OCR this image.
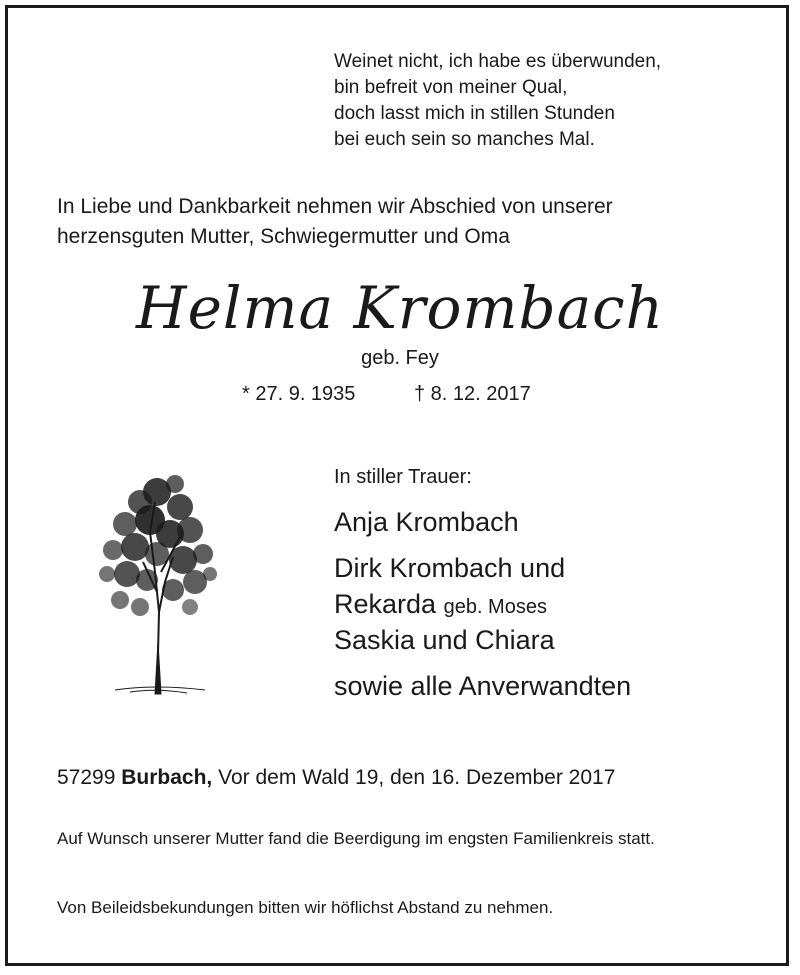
Weinet nicht, ich habe es überwunden,
bin befreit von meiner Qual,
doch lasst mich in stillen Stunden
bei euch sein so manches Mal.
In Liebe und Dankbarkeit nehmen wir Abschied von unserer
herzensguten Mutter, Schwiegermutter und Oma
Helma Krombach
geb. Fey
* 27. 9. 1935	† 8. 12. 2017
In stiller Trauer:
Anja Krombach
Dirk Krombach und
Rekarda geb. Moses
Saskia und Chiara
sowie alle Anverwandten
57299 Burbach, Vor dem Wald 19, den 16. Dezember 2017
Auf Wunsch unserer Mutter fand die Beerdigung im engsten Familienkreis statt.
Von Beileidsbekundungen bitten wir höflichst Abstand zu nehmen.
